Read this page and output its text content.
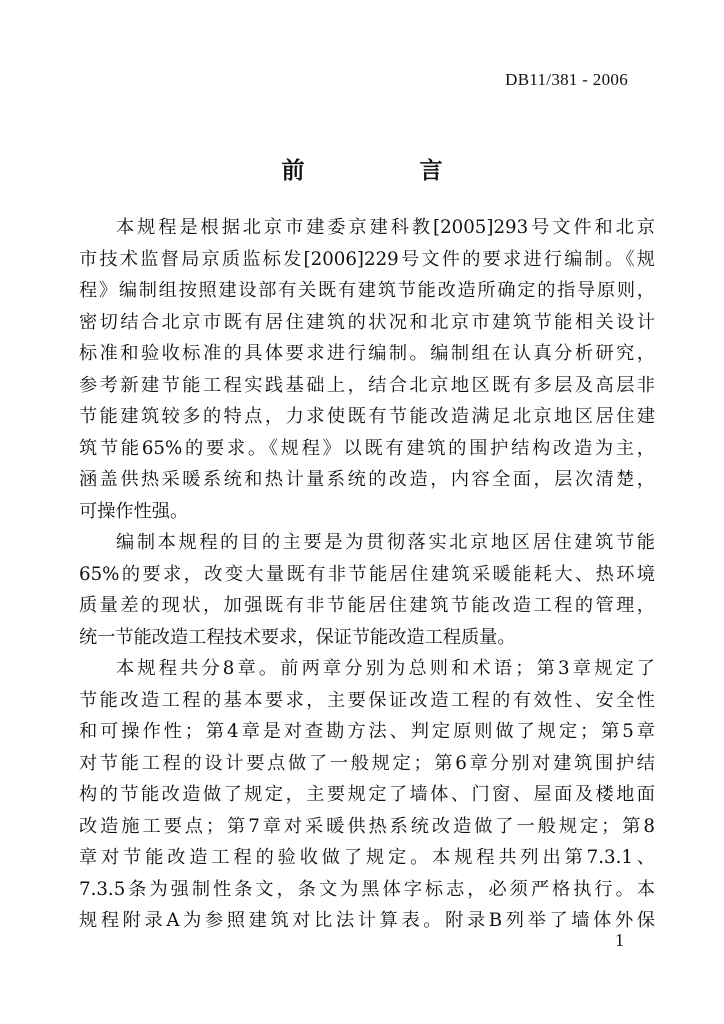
DB11/381 - 2006
前　言
本规程是根据北京市建委京建科教[2005]293号文件和北京
市技术监督局京质监标发[2006]229号文件的要求进行编制。《规
程》编制组按照建设部有关既有建筑节能改造所确定的指导原则，
密切结合北京市既有居住建筑的状况和北京市建筑节能相关设计
标准和验收标准的具体要求进行编制。编制组在认真分析研究，
参考新建节能工程实践基础上，结合北京地区既有多层及高层非
节能建筑较多的特点，力求使既有节能改造满足北京地区居住建
筑节能65%的要求。《规程》以既有建筑的围护结构改造为主，
涵盖供热采暖系统和热计量系统的改造，内容全面，层次清楚，
可操作性强。
编制本规程的目的主要是为贯彻落实北京地区居住建筑节能
65%的要求，改变大量既有非节能居住建筑采暖能耗大、热环境
质量差的现状，加强既有非节能居住建筑节能改造工程的管理，
统一节能改造工程技术要求，保证节能改造工程质量。
本规程共分8章。前两章分别为总则和术语；第3章规定了
节能改造工程的基本要求，主要保证改造工程的有效性、安全性
和可操作性；第4章是对查勘方法、判定原则做了规定；第5章
对节能工程的设计要点做了一般规定；第6章分别对建筑围护结
构的节能改造做了规定，主要规定了墙体、门窗、屋面及楼地面
改造施工要点；第7章对采暖供热系统改造做了一般规定；第8
章对节能改造工程的验收做了规定。本规程共列出第7.3.1、
7.3.5条为强制性条文，条文为黑体字标志，必须严格执行。本
规程附录A为参照建筑对比法计算表。附录B列举了墙体外保
1
